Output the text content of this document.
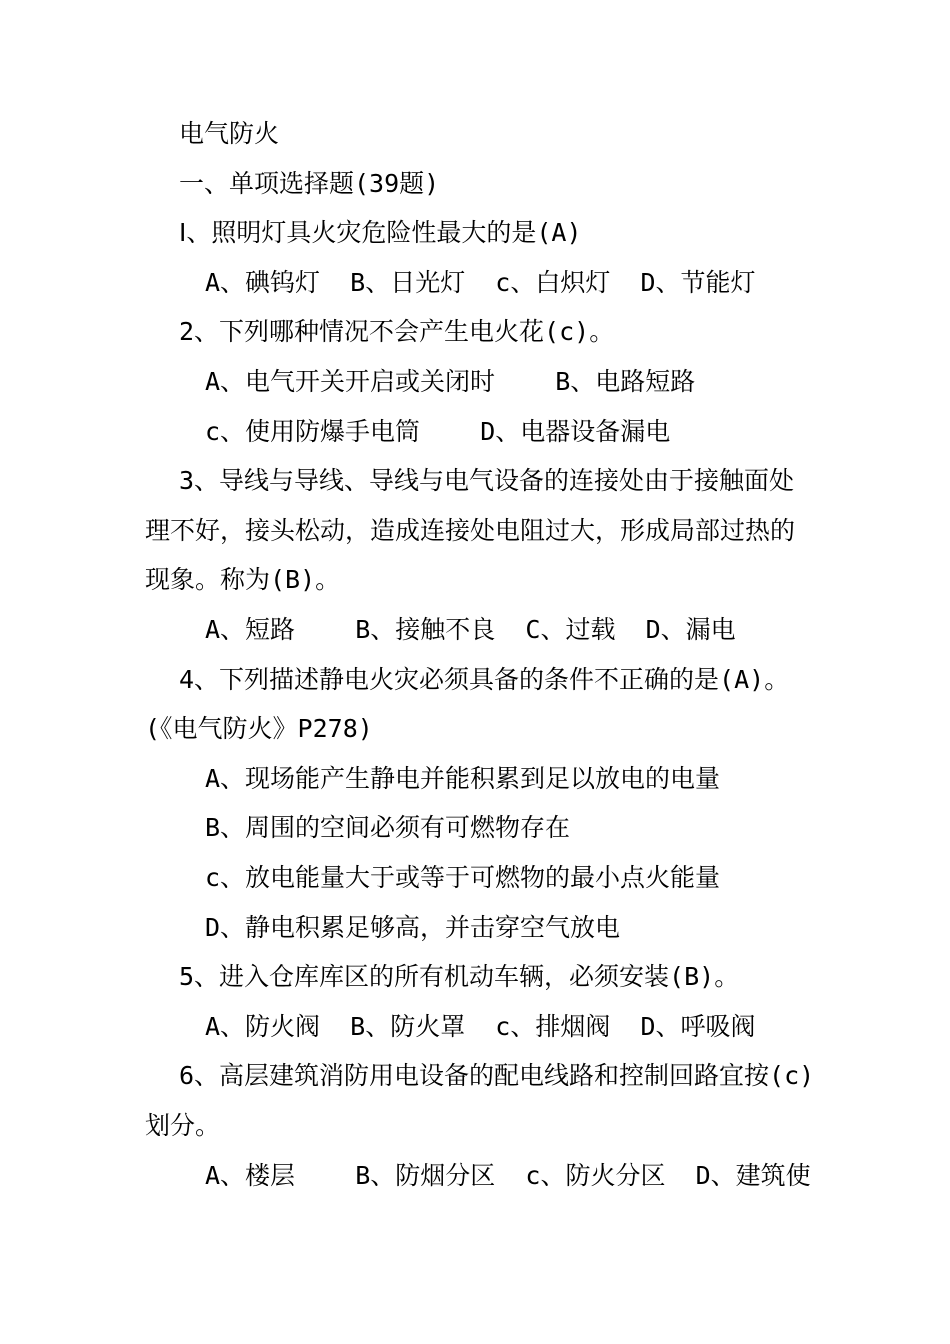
电气防火
一、单项选择题(39题)
Ⅰ、照明灯具火灾危险性最大的是(A)
A、碘钨灯  B、日光灯  c、白炽灯  D、节能灯
2、下列哪种情况不会产生电火花(c)。
A、电气开关开启或关闭时    B、电路短路
c、使用防爆手电筒    D、电器设备漏电
3、导线与导线、导线与电气设备的连接处由于接触面处
理不好，接头松动，造成连接处电阻过大，形成局部过热的
现象。称为(B)。
A、短路    B、接触不良  C、过载  D、漏电
4、下列描述静电火灾必须具备的条件不正确的是(A)。
(《电气防火》P278)
A、现场能产生静电并能积累到足以放电的电量
B、周围的空间必须有可燃物存在
c、放电能量大于或等于可燃物的最小点火能量
D、静电积累足够高，并击穿空气放电
5、进入仓库库区的所有机动车辆，必须安装(B)。
A、防火阀  B、防火罩  c、排烟阀  D、呼吸阀
6、高层建筑消防用电设备的配电线路和控制回路宜按(c)
划分。
A、楼层    B、防烟分区  c、防火分区  D、建筑使
